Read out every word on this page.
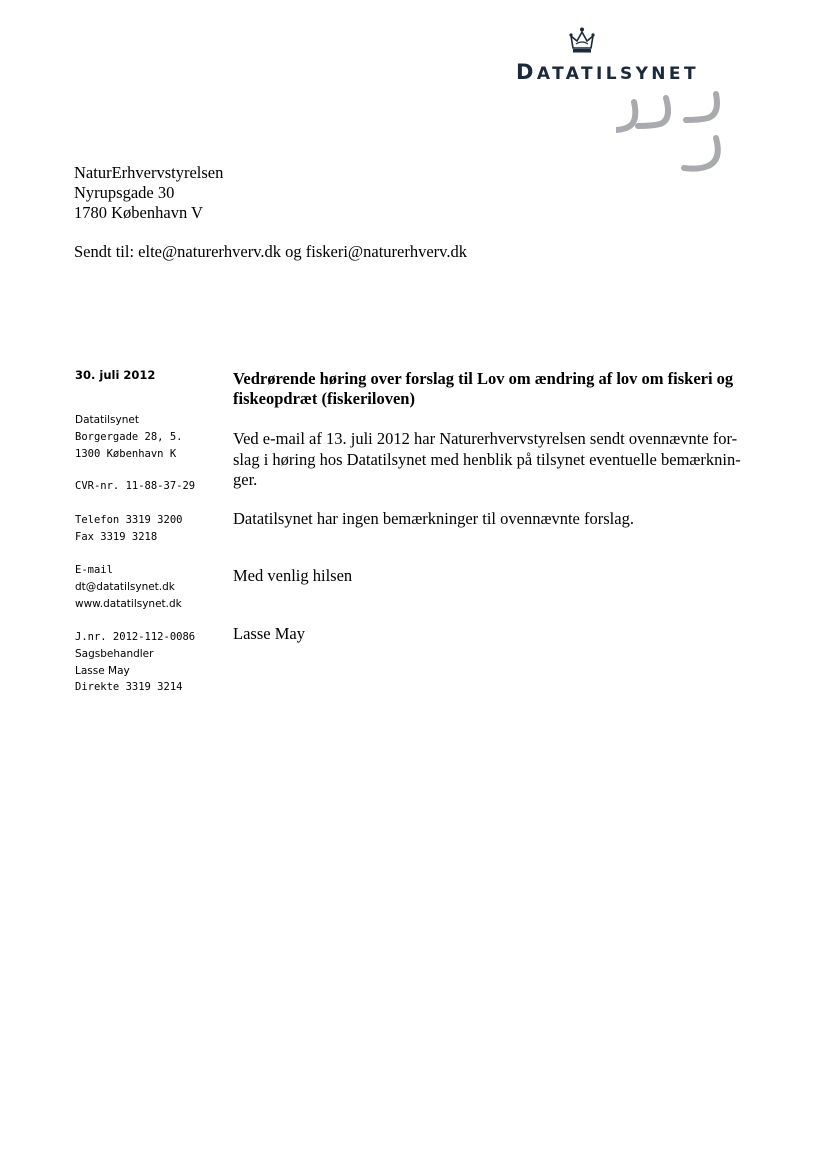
DATATILSYNET
NaturErhvervstyrelsen
Nyrupsgade 30
1780 København V
Sendt til: elte@naturerhverv.dk og fiskeri@naturerhverv.dk
30. juli 2012
Datatilsynet
Borgergade 28, 5.
1300 København K
CVR-nr. 11-88-37-29
Telefon 3319 3200
Fax 3319 3218
E-mail
dt@datatilsynet.dk
www.datatilsynet.dk
J.nr. 2012-112-0086
Sagsbehandler
Lasse May
Direkte 3319 3214
Vedrørende høring over forslag til Lov om ændring af lov om fiskeri og
fiskeopdræt (fiskeriloven)
Ved e-mail af 13. juli 2012 har Naturerhvervstyrelsen sendt ovennævnte for-
slag i høring hos Datatilsynet med henblik på tilsynet eventuelle bemærknin-
ger.
Datatilsynet har ingen bemærkninger til ovennævnte forslag.
Med venlig hilsen
Lasse May
